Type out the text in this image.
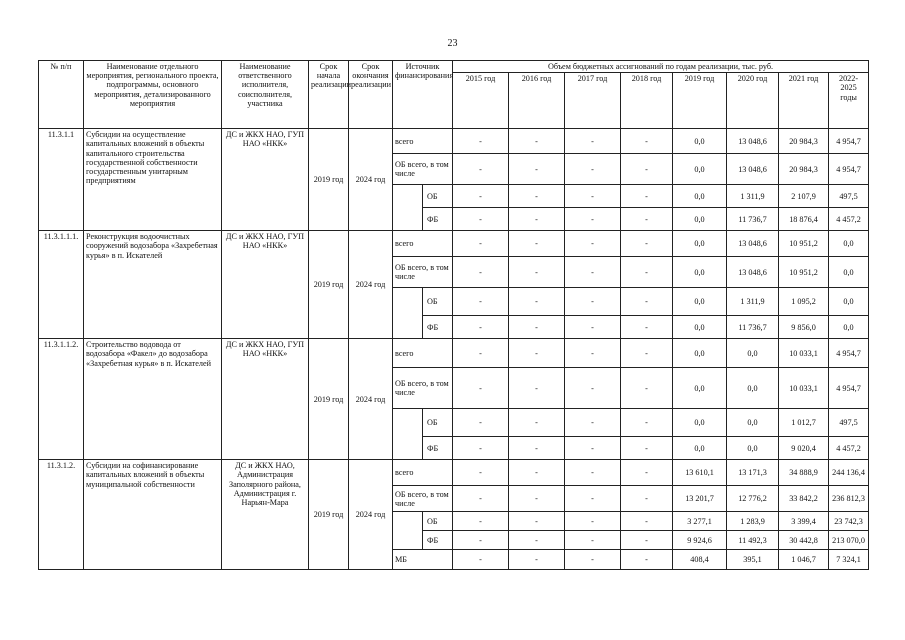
23
№ п/п	Наименование отдельного мероприятия, регионального проекта, подпрограммы, основного мероприятия, детализированного мероприятия	Наименование ответственного исполнителя, соисполнителя, участника	Срок начала реализации	Срок окончания реализации	Источник финансирования		Объем бюджетных ассигнований по годам реализации, тыс. руб.							
							2015 год	2016 год	2017 год	2018 год	2019 год	2020 год	2021 год	2022-2025 годы
11.3.1.1	Субсидии на осуществление капитальных вложений в объекты капитального строительства государственной собственности государственным унитарным предприятиям	ДС и ЖКХ НАО, ГУП НАО «НКК»	2019 год	2024 год	всего		-	-	-	-	0,0	13 048,6	20 984,3	4 954,7
					ОБ всего, в том числе		-	-	-	-	0,0	13 048,6	20 984,3	4 954,7
						ОБ	-	-	-	-	0,0	1 311,9	2 107,9	497,5
						ФБ	-	-	-	-	0,0	11 736,7	18 876,4	4 457,2
11.3.1.1.1.	Реконструкция водоочистных сооружений водозабора «Захребетная курья» в п. Искателей	ДС и ЖКХ НАО, ГУП НАО «НКК»	2019 год	2024 год	всего		-	-	-	-	0,0	13 048,6	10 951,2	0,0
					ОБ всего, в том числе		-	-	-	-	0,0	13 048,6	10 951,2	0,0
						ОБ	-	-	-	-	0,0	1 311,9	1 095,2	0,0
						ФБ	-	-	-	-	0,0	11 736,7	9 856,0	0,0
11.3.1.1.2.	Строительство водовода от водозабора «Факел» до водозабора «Захребетная курья» в п. Искателей	ДС и ЖКХ НАО, ГУП НАО «НКК»	2019 год	2024 год	всего		-	-	-	-	0,0	0,0	10 033,1	4 954,7
					ОБ всего, в том числе		-	-	-	-	0,0	0,0	10 033,1	4 954,7
						ОБ	-	-	-	-	0,0	0,0	1 012,7	497,5
						ФБ	-	-	-	-	0,0	0,0	9 020,4	4 457,2
11.3.1.2.	Субсидии на софинансирование капитальных вложений в объекты муниципальной собственности	ДС и ЖКХ НАО, Администрация Заполярного района, Администрация г. Нарьян-Мара	2019 год	2024 год	всего		-	-	-	-	13 610,1	13 171,3	34 888,9	244 136,4
					ОБ всего, в том числе		-	-	-	-	13 201,7	12 776,2	33 842,2	236 812,3
						ОБ	-	-	-	-	3 277,1	1 283,9	3 399,4	23 742,3
						ФБ	-	-	-	-	9 924,6	11 492,3	30 442,8	213 070,0
					МБ		-	-	-	-	408,4	395,1	1 046,7	7 324,1
